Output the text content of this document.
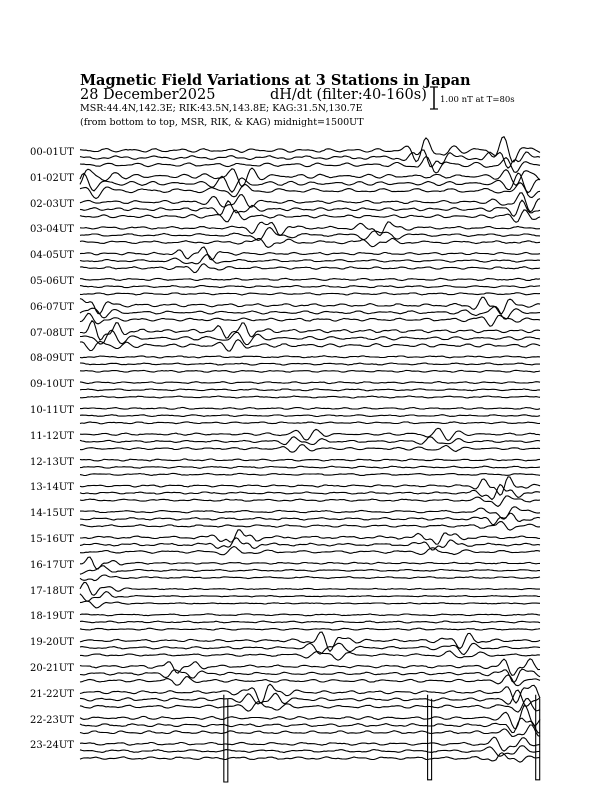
Magnetic Field Variations at 3 Stations in Japan
28 December2025	dH/dt (filter:40-160s)
MSR:44.4N,142.3E; RIK:43.5N,143.8E; KAG:31.5N,130.7E
(from bottom to top, MSR, RIK, & KAG) midnight=1500UT
1.00 nT at T=80s
00-01UT
01-02UT
02-03UT
03-04UT
04-05UT
05-06UT
06-07UT
07-08UT
08-09UT
09-10UT
10-11UT
11-12UT
12-13UT
13-14UT
14-15UT
15-16UT
16-17UT
17-18UT
18-19UT
19-20UT
20-21UT
21-22UT
22-23UT
23-24UT
